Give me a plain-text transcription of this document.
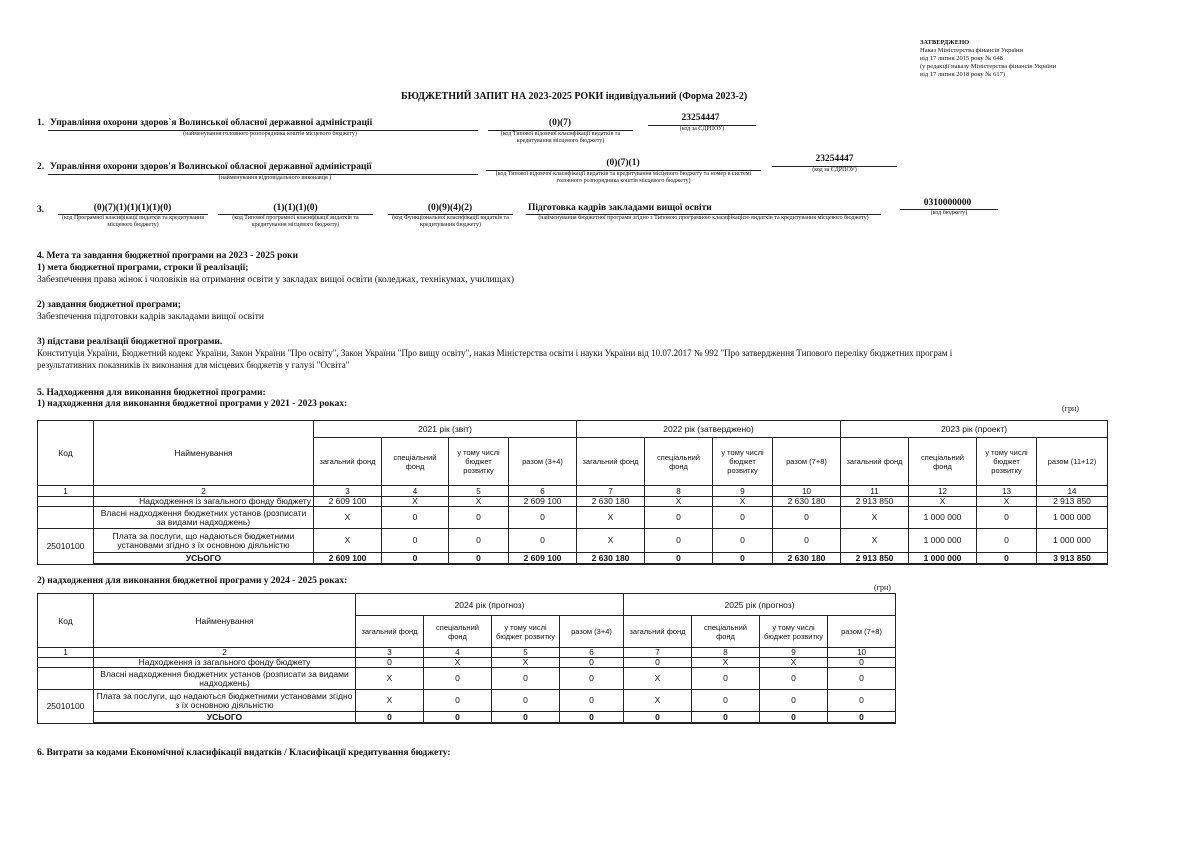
ЗАТВЕРДЖЕНО
Наказ Міністерства фінансів України
від 17 липня 2015 року № 648
(у редакції наказу Міністерства фінансів України
від 17 липня 2018 року № 617)
БЮДЖЕТНИЙ ЗАПИТ НА 2023-2025 РОКИ індивідуальний (Форма 2023-2)
1. Управління охорони здоров`я Волинської обласної державної адміністрації
(найменування головного розпорядника коштів місцевого бюджету)
(0)(7)
(код Типової відомчої класифікації видатків та кредитування місцевого бюджету)
23254447
(код за ЄДРПОУ)
2. Управління охорони здоров'я Волинської обласної державної адміністрації
(найменування відповідального виконавця )
(0)(7)(1)
(код Типової відомчої класифікації видатків та кредитування місцевого бюджету та номер в системі головного розпорядника коштів місцевого бюджету)
23254447
(код за ЄДРПОУ)
3.	(0)(7)(1)(1)(1)(1)(0)
(код Програмної класифікації видатків та кредитування місцевого бюджету)
(1)(1)(1)(0)
(код Типової програмної класифікації видатків та кредитування місцевого бюджету)
(0)(9)(4)(2)
(код Функціональної класифікації видатків та кредитування бюджету)
Підготовка кадрів закладами вищої освіти
(найменування бюджетної програми згідно з Типовою програмною класифікацією видатків та кредитування місцевого бюджету)
0310000000
(код бюджету)
4. Мета та завдання бюджетної програми на 2023 - 2025 роки
1) мета бюджетної програми, строки її реалізації;
Забезпечення права жінок і чоловіків на отримання освіти у закладах вищої освіти (коледжах, технікумах, училищах)
2) завдання бюджетної програми;
Забезпечення підготовки кадрів закладами вищої освіти
3) підстави реалізації бюджетної програми.
Конституція України, Бюджетний кодекс України, Закон України "Про освіту", Закон України "Про вищу освіту", наказ Міністерства освіти і науки України від 10.07.2017 № 992 "Про затвердження Типового переліку бюджетних програм і
результативних показників їх виконання для місцевих бюджетів у галузі "Освіта"
5. Надходження для виконання бюджетної програми:
1) надходження для виконання бюджетної програми у 2021 - 2023 роках:	(грн)
Код	Найменування	2021 рік (звіт)				2022 рік (затверджено)				2023 рік (проект)			
		загальний фонд	спеціальний фонд	у тому числі бюджет розвитку	разом (3+4)	загальний фонд	спеціальний фонд	у тому числі бюджет розвитку	разом (7+8)	загальний фонд	спеціальний фонд	у тому числі бюджет розвитку	разом (11+12)
1	2	3	4	5	6	7	8	9	10	11	12	13	14
	Надходження із загального фонду бюджету	2 609 100	X	X	2 609 100	2 630 180	X	X	2 630 180	2 913 850	X	X	2 913 850
	Власні надходження бюджетних установ (розписати за видами надходжень)	X	0	0	0	X	0	0	0	X	1 000 000	0	1 000 000
25010100	Плата за послуги, що надаються бюджетними установами згідно з їх основною діяльністю	X	0	0	0	X	0	0	0	X	1 000 000	0	1 000 000
	УСЬОГО	2 609 100	0	0	2 609 100	2 630 180	0	0	2 630 180	2 913 850	1 000 000	0	3 913 850
2) надходження для виконання бюджетної програми у 2024 - 2025 роках:
(грн)
Код	Найменування	2024 рік (прогноз)				2025 рік (прогноз)			
		загальний фонд	спеціальний фонд	у тому числі бюджет розвитку	разом (3+4)	загальний фонд	спеціальний фонд	у тому числі бюджет розвитку	разом (7+8)
1	2	3	4	5	6	7	8	9	10
	Надходження із загального фонду бюджету	0	X	X	0	0	X	X	0
	Власні надходження бюджетних установ (розписати за видами надходжень)	X	0	0	0	X	0	0	0
25010100	Плата за послуги, що надаються бюджетними установами згідно з їх основною діяльністю	X	0	0	0	X	0	0	0
	УСЬОГО	0	0	0	0	0	0	0	0
6. Витрати за кодами Економічної класифікації видатків / Класифікації кредитування бюджету:
